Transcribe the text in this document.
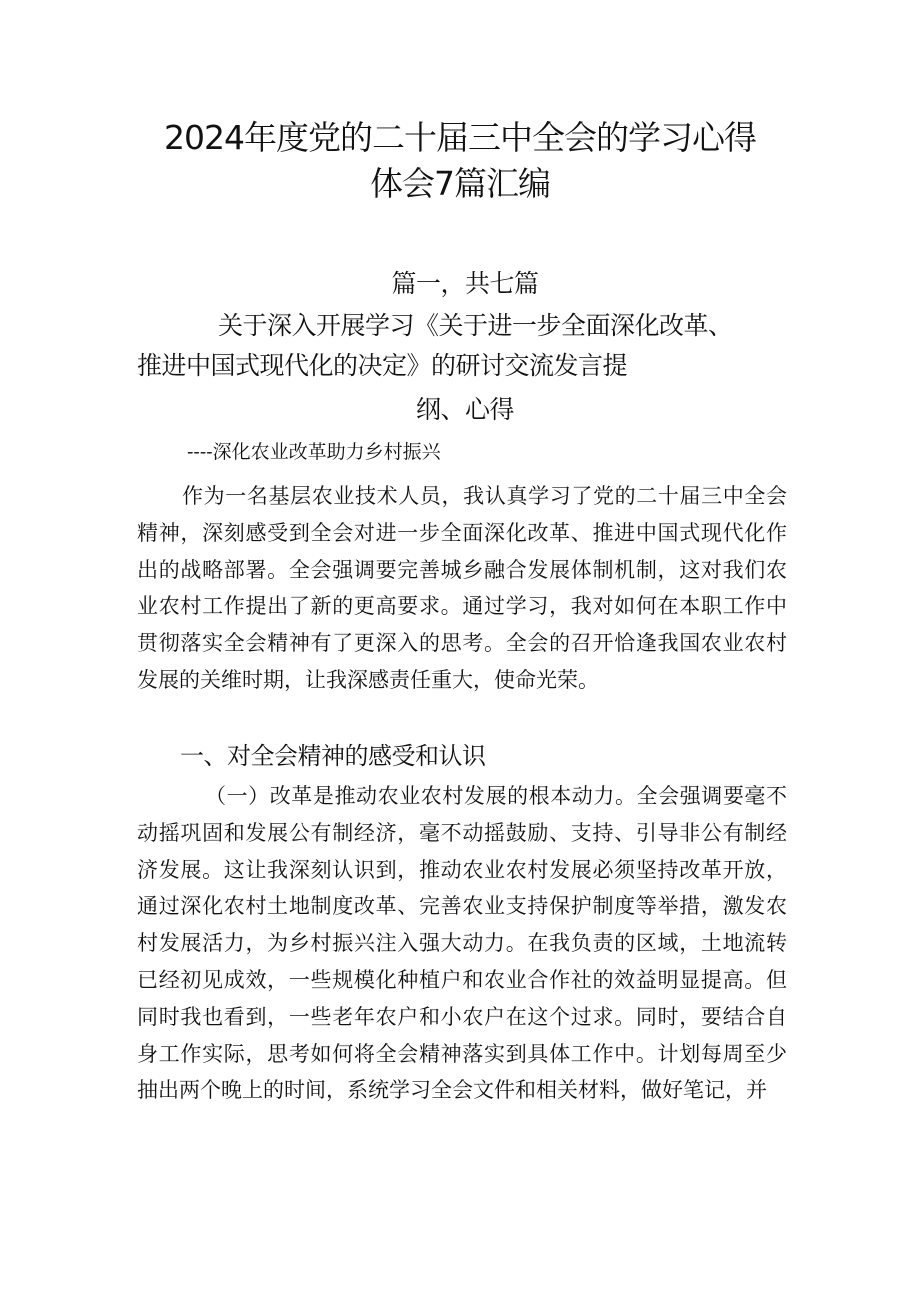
2024年度党的二十届三中全会的学习心得
体会7篇汇编

篇一，共七篇

关于深入开展学习《关于进一步全面深化改革、

推进中国式现代化的决定》的研讨交流发言提

纲、心得

----深化农业改革助力乡村振兴

作为一名基层农业技术人员，我认真学习了党的二十届三中全会精神，深刻感受到全会对进一步全面深化改革、推进中国式现代化作出的战略部署。全会强调要完善城乡融合发展体制机制，这对我们农业农村工作提出了新的更高要求。通过学习，我对如何在本职工作中贯彻落实全会精神有了更深入的思考。全会的召开恰逢我国农业农村发展的关维时期，让我深感责任重大，使命光荣。

一、对全会精神的感受和认识

（一）改革是推动农业农村发展的根本动力。全会强调要毫不动摇巩固和发展公有制经济，毫不动摇鼓励、支持、引导非公有制经济发展。这让我深刻认识到，推动农业农村发展必须坚持改革开放，通过深化农村土地制度改革、完善农业支持保护制度等举措，激发农村发展活力，为乡村振兴注入强大动力。在我负责的区域，土地流转已经初见成效，一些规模化种植户和农业合作社的效益明显提高。但同时我也看到，一些老年农户和小农户在这个过求。同时，要结合自身工作实际，思考如何将全会精神落实到具体工作中。计划每周至少抽出两个晚上的时间，系统学习全会文件和相关材料，做好笔记，并
